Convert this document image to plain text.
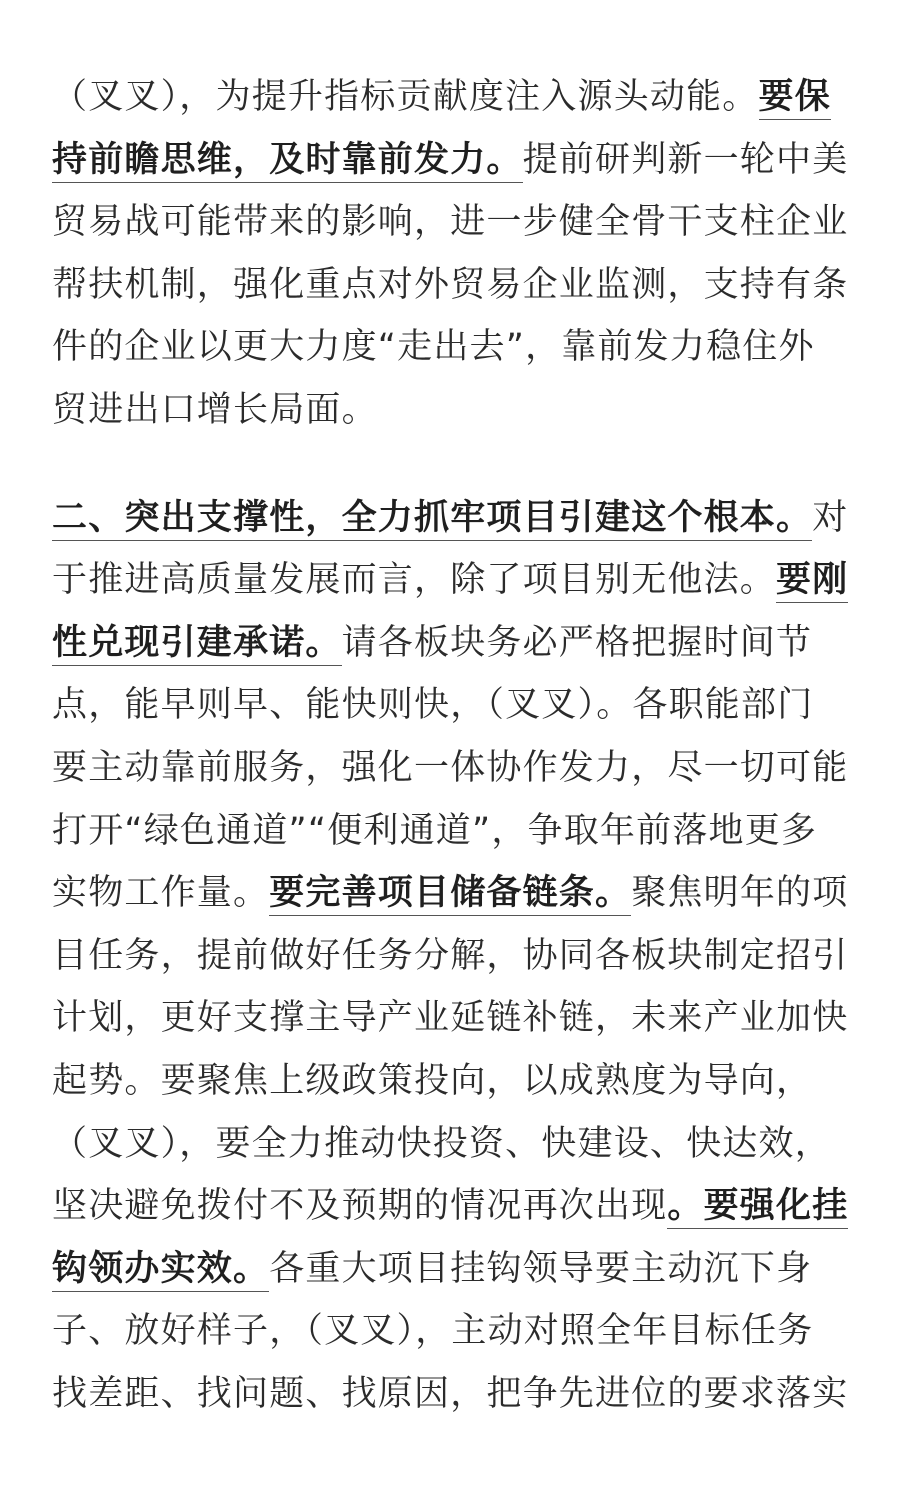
（叉叉），为提升指标贡献度注入源头动能。要保
持前瞻思维，及时靠前发力。提前研判新一轮中美
贸易战可能带来的影响，进一步健全骨干支柱企业
帮扶机制，强化重点对外贸易企业监测，支持有条
件的企业以更大力度“走出去”，靠前发力稳住外
贸进出口增长局面。
二、突出支撑性，全力抓牢项目引建这个根本。对
于推进高质量发展而言，除了项目别无他法。要刚
性兑现引建承诺。请各板块务必严格把握时间节
点，能早则早、能快则快，（叉叉）。各职能部门
要主动靠前服务，强化一体协作发力，尽一切可能
打开“绿色通道”“便利通道”，争取年前落地更多
实物工作量。要完善项目储备链条。聚焦明年的项
目任务，提前做好任务分解，协同各板块制定招引
计划，更好支撑主导产业延链补链，未来产业加快
起势。要聚焦上级政策投向，以成熟度为导向，
（叉叉），要全力推动快投资、快建设、快达效，
坚决避免拨付不及预期的情况再次出现。要强化挂
钩领办实效。各重大项目挂钩领导要主动沉下身
子、放好样子，（叉叉），主动对照全年目标任务
找差距、找问题、找原因，把争先进位的要求落实
